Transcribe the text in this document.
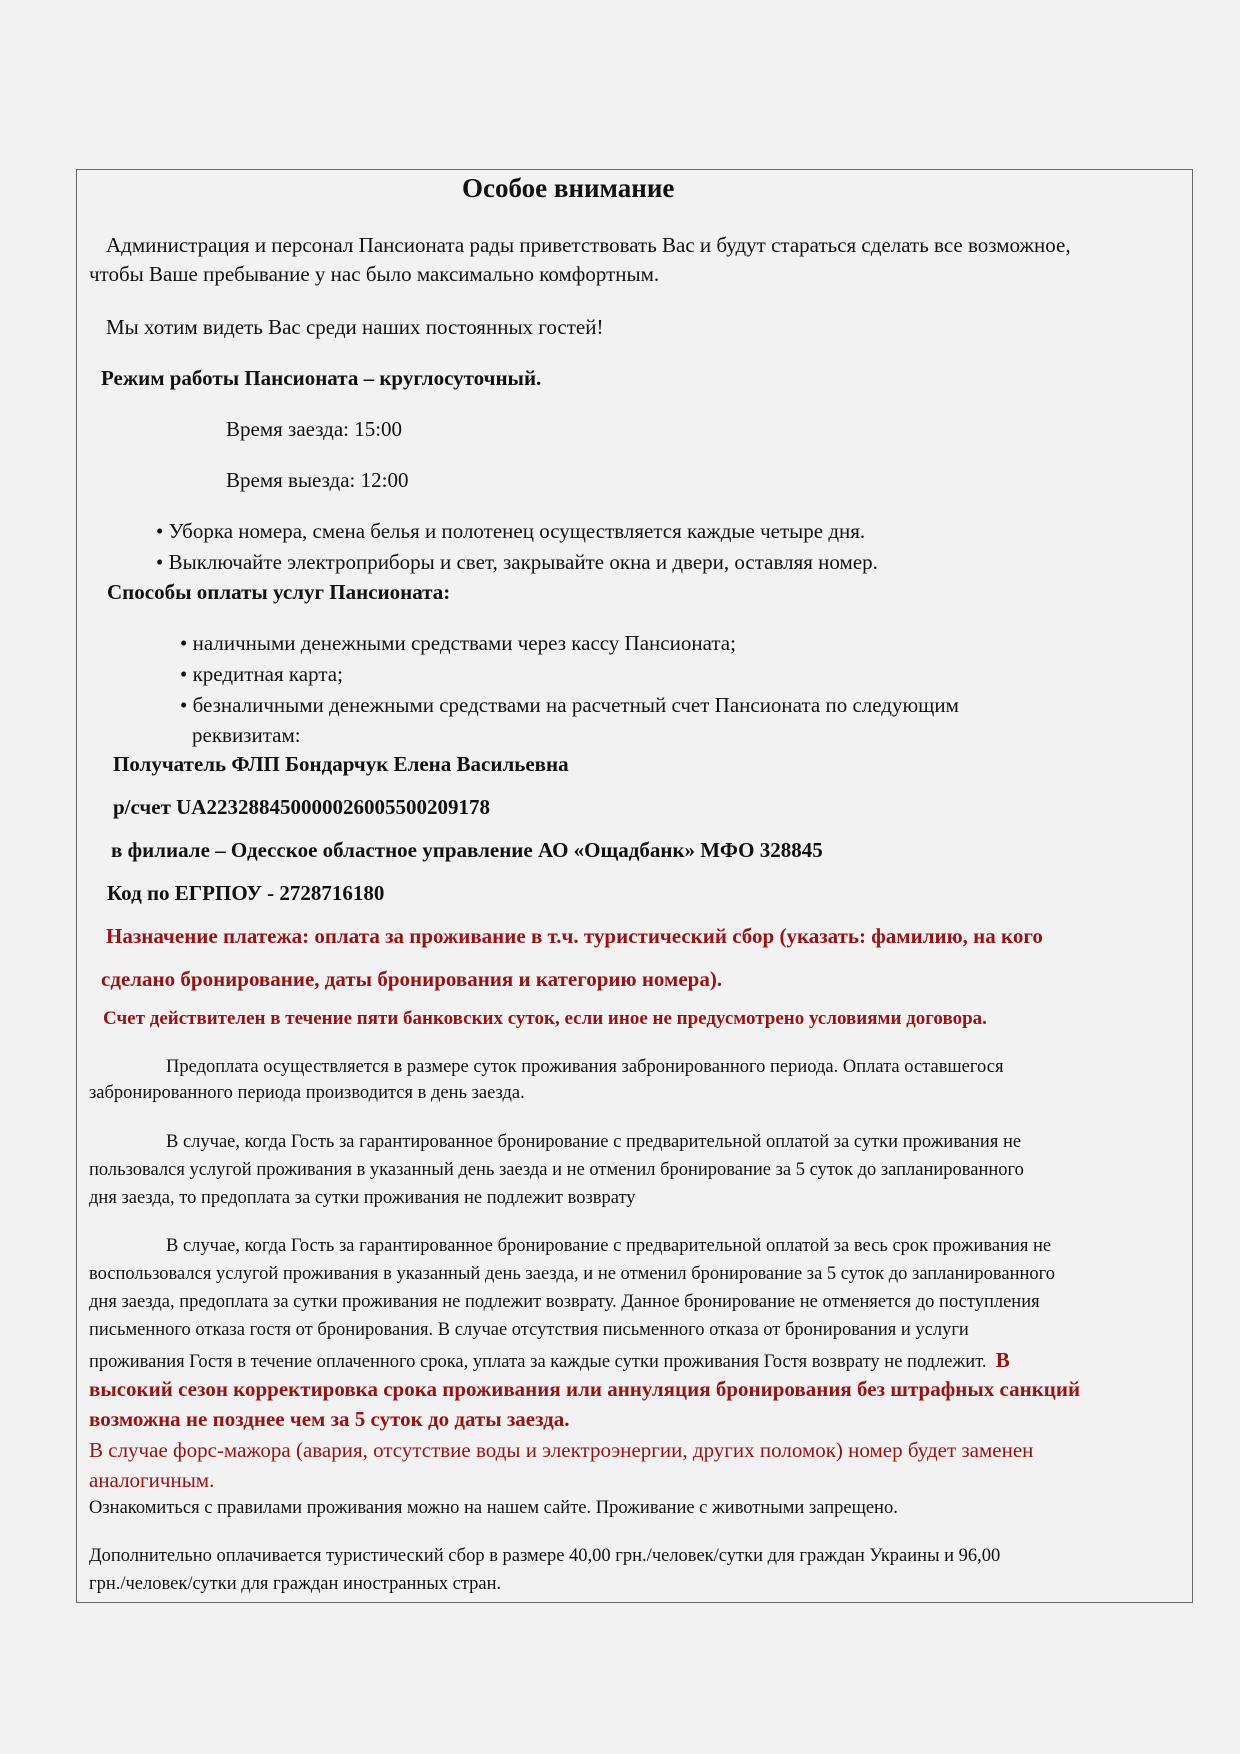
Особое внимание
Администрация и персонал Пансионата рады приветствовать Вас и будут стараться сделать все возможное,
чтобы Ваше пребывание у нас было максимально комфортным.
Мы хотим видеть Вас среди наших постоянных гостей!
Режим работы Пансионата – круглосуточный.
Время заезда: 15:00
Время выезда: 12:00
• Уборка номера, смена белья и полотенец осуществляется каждые четыре дня.
• Выключайте электроприборы и свет, закрывайте окна и двери, оставляя номер.
Способы оплаты услуг Пансионата:
• наличными денежными средствами через кассу Пансионата;
• кредитная карта;
• безналичными денежными средствами на расчетный счет Пансионата по следующим
реквизитам:
Получатель ФЛП Бондарчук Елена Васильевна
р/счет UA223288450000026005500209178
в филиале – Одесское областное управление АО «Ощадбанк» МФО 328845
Код по ЕГРПОУ - 2728716180
Назначение платежа: оплата за проживание в т.ч. туристический сбор (указать: фамилию, на кого
сделано бронирование, даты бронирования и категорию номера).
Счет действителен в течение пяти банковских суток, если иное не предусмотрено условиями договора.
Предоплата осуществляется в размере суток проживания забронированного периода. Оплата оставшегося
забронированного периода производится в день заезда.
В случае, когда Гость за гарантированное бронирование с предварительной оплатой за сутки проживания не
пользовался услугой проживания в указанный день заезда и не отменил бронирование за 5 суток до запланированного
дня заезда, то предоплата за сутки проживания не подлежит возврату
В случае, когда Гость за гарантированное бронирование с предварительной оплатой за весь срок проживания не
воспользовался услугой проживания в указанный день заезда, и не отменил бронирование за 5 суток до запланированного
дня заезда, предоплата за сутки проживания не подлежит возврату. Данное бронирование не отменяется до поступления
письменного отказа гостя от бронирования. В случае отсутствия письменного отказа от бронирования и услуги
проживания Гостя в течение оплаченного срока, уплата за каждые сутки проживания Гостя возврату не подлежит. В
высокий сезон корректировка срока проживания или аннуляция бронирования без штрафных санкций
возможна не позднее чем за 5 суток до даты заезда.
В случае форс-мажора (авария, отсутствие воды и электроэнергии, других поломок) номер будет заменен
аналогичным.
Ознакомиться с правилами проживания можно на нашем сайте. Проживание с животными запрещено.
Дополнительно оплачивается туристический сбор в размере 40,00 грн./человек/сутки для граждан Украины и 96,00
грн./человек/сутки для граждан иностранных стран.
